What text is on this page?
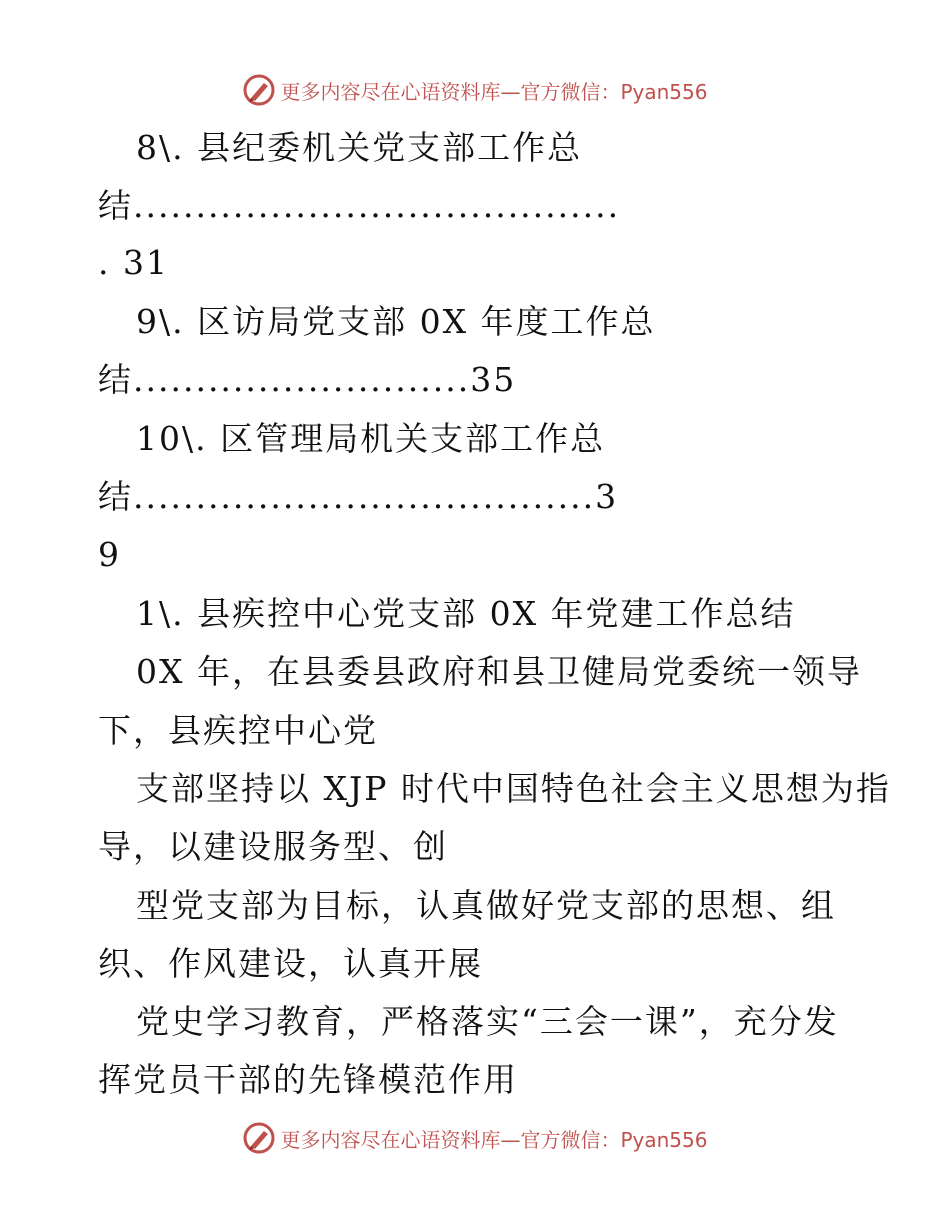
更多内容尽在心语资料库—官方微信：Pyan556
8\. 县纪委机关党支部工作总
结.......................................
. 31
9\. 区访局党支部 0X 年度工作总
结...........................35
10\. 区管理局机关支部工作总
结.....................................3
9
1\. 县疾控中心党支部 0X 年党建工作总结
0X 年，在县委县政府和县卫健局党委统一领导
下，县疾控中心党
支部坚持以 XJP 时代中国特色社会主义思想为指
导，以建设服务型、创
型党支部为目标，认真做好党支部的思想、组
织、作风建设，认真开展
党史学习教育，严格落实“三会一课”，充分发
挥党员干部的先锋模范作用
更多内容尽在心语资料库—官方微信：Pyan556
